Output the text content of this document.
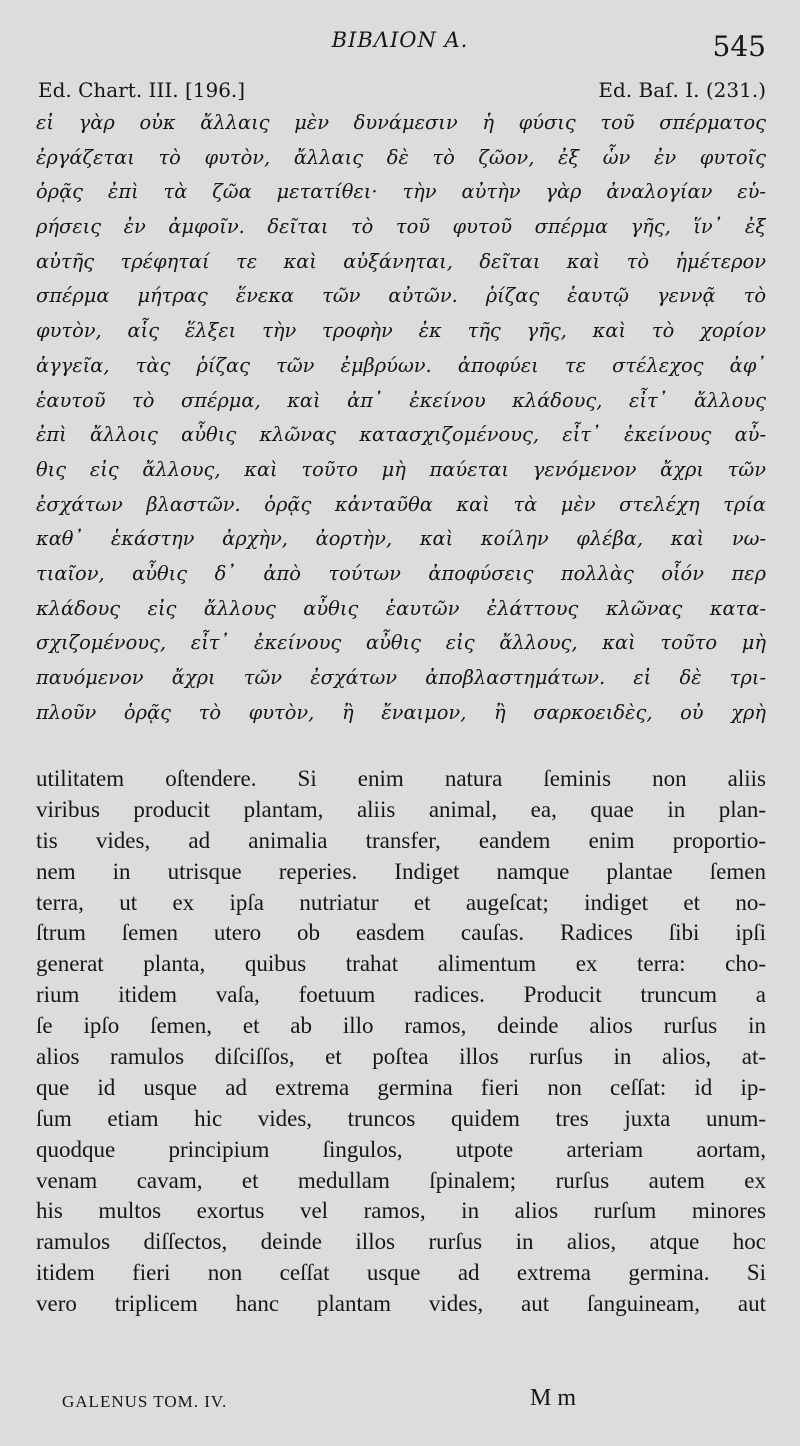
BIBΛION A.	545
Ed. Chart. III. [196.]	Ed. Baſ. I. (231.)
εἰ γὰρ οὐκ ἄλλαις μὲν δυνάμεσιν ἡ φύσις τοῦ σπέρματος
ἐργάζεται τὸ φυτὸν, ἄλλαις δὲ τὸ ζῶον, ἐξ ὧν ἐν φυτοῖς
ὁρᾷς ἐπὶ τὰ ζῶα μετατίθει· τὴν αὐτὴν γὰρ ἀναλογίαν εὑ-
ρήσεις ἐν ἀμφοῖν. δεῖται τὸ τοῦ φυτοῦ σπέρμα γῆς, ἵν᾽ ἐξ
αὐτῆς τρέφηταί τε καὶ αὐξάνηται, δεῖται καὶ τὸ ἡμέτερον
σπέρμα μήτρας ἕνεκα τῶν αὐτῶν. ῥίζας ἑαυτῷ γεννᾷ τὸ
φυτὸν, αἷς ἕλξει τὴν τροφὴν ἐκ τῆς γῆς, καὶ τὸ χορίον
ἀγγεῖα, τὰς ῥίζας τῶν ἐμβρύων. ἀποφύει τε στέλεχος ἀφ᾽
ἑαυτοῦ τὸ σπέρμα, καὶ ἀπ᾽ ἐκείνου κλάδους, εἶτ᾽ ἄλλους
ἐπὶ ἄλλοις αὖθις κλῶνας κατασχιζομένους, εἶτ᾽ ἐκείνους αὖ-
θις εἰς ἄλλους, καὶ τοῦτο μὴ παύεται γενόμενον ἄχρι τῶν
ἐσχάτων βλαστῶν. ὁρᾷς κἀνταῦθα καὶ τὰ μὲν στελέχη τρία
καθ᾽ ἑκάστην ἀρχὴν, ἀορτὴν, καὶ κοίλην φλέβα, καὶ νω-
τιαῖον, αὖθις δ᾽ ἀπὸ τούτων ἀποφύσεις πολλὰς οἷόν περ
κλάδους εἰς ἄλλους αὖθις ἑαυτῶν ἐλάττους κλῶνας κατα-
σχιζομένους, εἶτ᾽ ἐκείνους αὖθις εἰς ἄλλους, καὶ τοῦτο μὴ
παυόμενον ἄχρι τῶν ἐσχάτων ἀποβλαστημάτων. εἰ δὲ τρι-
πλοῦν ὁρᾷς τὸ φυτὸν, ἢ ἔναιμον, ἢ σαρκοειδὲς, οὐ χρὴ
utilitatem oſtendere. Si enim natura ſeminis non aliis
viribus producit plantam, aliis animal, ea, quae in plan-
tis vides, ad animalia transfer, eandem enim proportio-
nem in utrisque reperies. Indiget namque plantae ſemen
terra, ut ex ipſa nutriatur et augeſcat; indiget et no-
ſtrum ſemen utero ob easdem cauſas. Radices ſibi ipſi
generat planta, quibus trahat alimentum ex terra: cho-
rium itidem vaſa, foetuum radices. Producit truncum a
ſe ipſo ſemen, et ab illo ramos, deinde alios rurſus in
alios ramulos diſciſſos, et poſtea illos rurſus in alios, at-
que id usque ad extrema germina fieri non ceſſat: id ip-
ſum etiam hic vides, truncos quidem tres juxta unum-
quodque principium ſingulos, utpote arteriam aortam,
venam cavam, et medullam ſpinalem; rurſus autem ex
his multos exortus vel ramos, in alios rurſum minores
ramulos diſſectos, deinde illos rurſus in alios, atque hoc
itidem fieri non ceſſat usque ad extrema germina. Si
vero triplicem hanc plantam vides, aut ſanguineam, aut
GALENUS TOM. IV.	M m
